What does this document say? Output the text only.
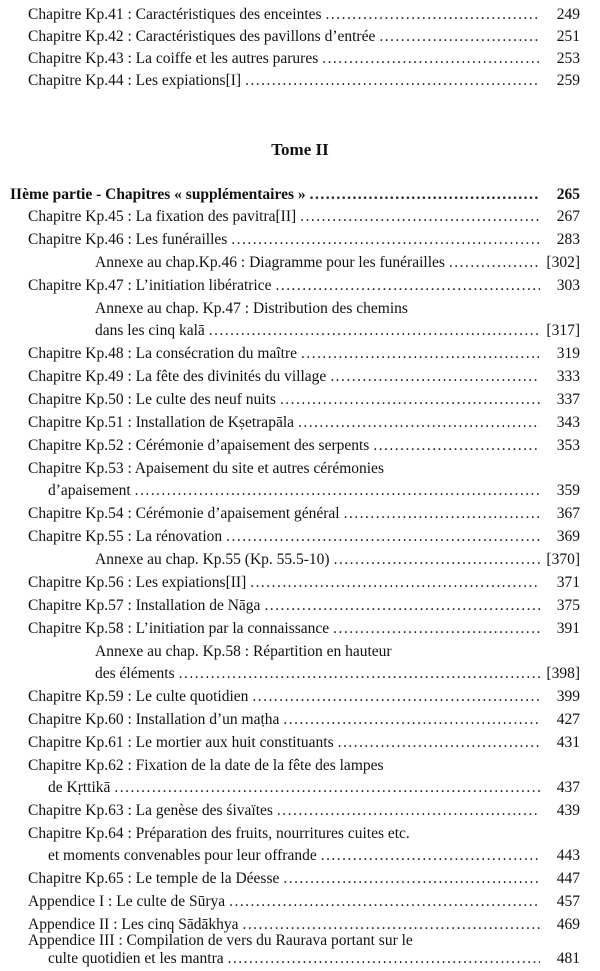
Chapitre Kp.41 : Caractéristiques des enceintes . . .	249
Chapitre Kp.42 : Caractéristiques des pavillons d’entrée . . .	251
Chapitre Kp.43 : La coiffe et les autres parures . . .	253
Chapitre Kp.44 : Les expiations[I] . . .	259
Tome II
IIème partie - Chapitres « supplémentaires » . . .	265
Chapitre Kp.45 : La fixation des pavitra[II] . . .	267
Chapitre Kp.46 : Les funérailles . . .	283
Annexe au chap.Kp.46 : Diagramme pour les funérailles . . .	[302]
Chapitre Kp.47 : L’initiation libératrice . . .	303
Annexe au chap. Kp.47 : Distribution des chemins
dans les cinq kalā . . .	[317]
Chapitre Kp.48 : La consécration du maître . . .	319
Chapitre Kp.49 : La fête des divinités du village . . .	333
Chapitre Kp.50 : Le culte des neuf nuits . . .	337
Chapitre Kp.51 : Installation de Kṣetrapāla . . .	343
Chapitre Kp.52 : Cérémonie d’apaisement des serpents . . .	353
Chapitre Kp.53 : Apaisement du site et autres cérémonies
d’apaisement . . .	359
Chapitre Kp.54 : Cérémonie d’apaisement général . . .	367
Chapitre Kp.55 : La rénovation . . .	369
Annexe au chap. Kp.55 (Kp. 55.5-10) . . .	[370]
Chapitre Kp.56 : Les expiations[II] . . .	371
Chapitre Kp.57 : Installation de Nāga . . .	375
Chapitre Kp.58 : L’initiation par la connaissance . . .	391
Annexe au chap. Kp.58 : Répartition en hauteur
des éléments . . .	[398]
Chapitre Kp.59 : Le culte quotidien . . .	399
Chapitre Kp.60 : Installation d’un maṭha . . .	427
Chapitre Kp.61 : Le mortier aux huit constituants . . .	431
Chapitre Kp.62 : Fixation de la date de la fête des lampes
de Kṛttikā . . .	437
Chapitre Kp.63 : La genèse des śivaïtes . . .	439
Chapitre Kp.64 : Préparation des fruits, nourritures cuites etc.
et moments convenables pour leur offrande . . .	443
Chapitre Kp.65 : Le temple de la Déesse . . .	447
Appendice I : Le culte de Sūrya . . .	457
Appendice II : Les cinq Sādākhya . . .	469
Appendice III : Compilation de vers du Raurava portant sur le
culte quotidien et les mantra . . .	481
